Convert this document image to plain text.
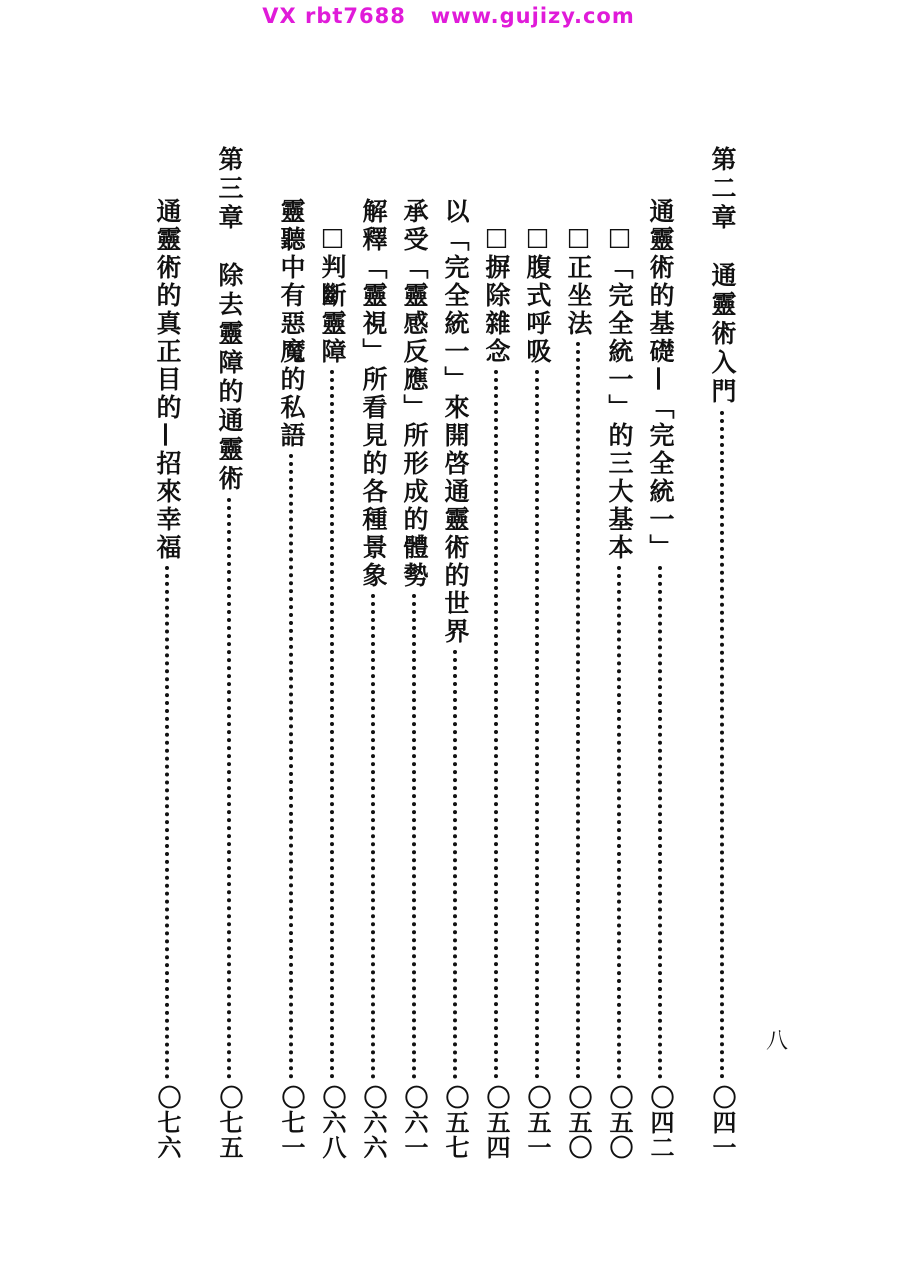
VX rbt7688   www.gujizy.com
第二章　通靈術入門
〇四一
通靈術的基礎—「完全統一」
〇四二
□「完全統一」的三大基本
〇五〇
□正坐法
〇五〇
□腹式呼吸
〇五一
□摒除雜念
〇五四
以「完全統一」來開啓通靈術的世界
〇五七
承受「靈感反應」所形成的體勢
〇六一
解釋「靈視」所看見的各種景象
〇六六
□判斷靈障
〇六八
靈聽中有惡魔的私語
〇七一
第三章　除去靈障的通靈術
〇七五
通靈術的真正目的—招來幸福
〇七六
八
